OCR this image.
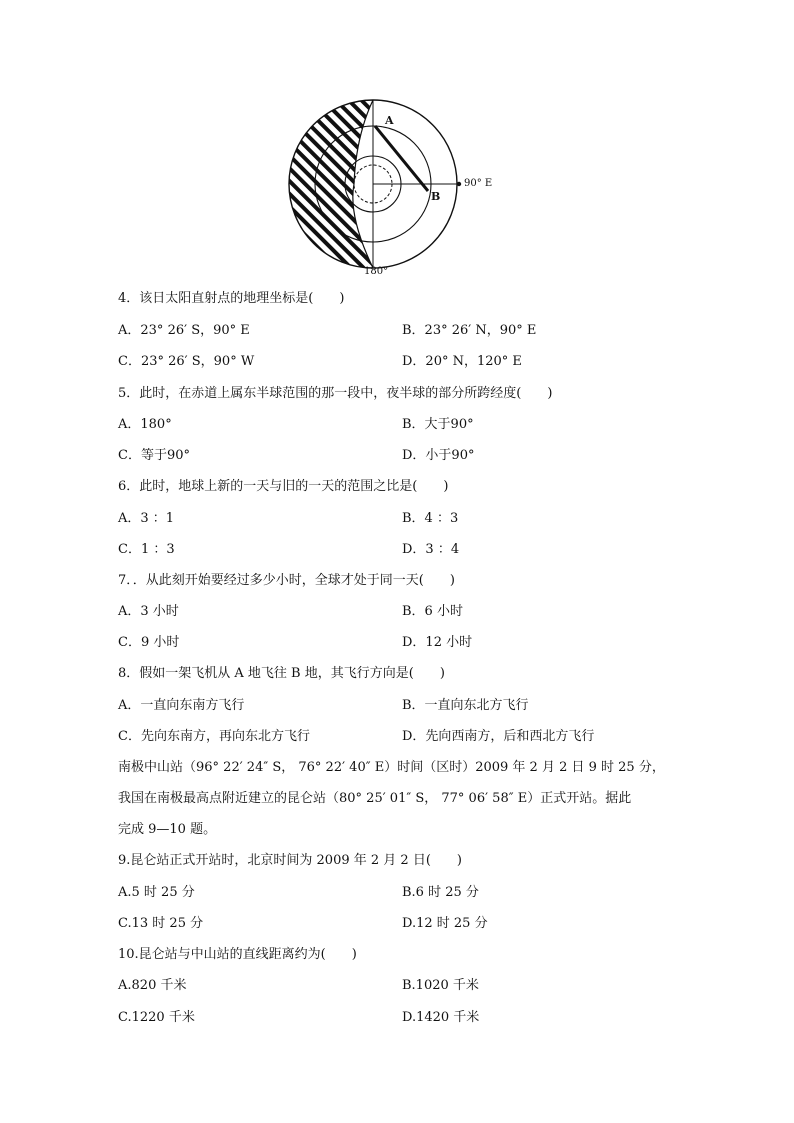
A
B
90° E
180°
4．该日太阳直射点的地理坐标是(　　)
A．23° 26′ S，90° E	B．23° 26′ N，90° E
C．23° 26′ S，90° W	D．20° N，120° E
5．此时，在赤道上属东半球范围的那一段中，夜半球的部分所跨经度(　　)
A．180°	B．大于90°
C．等于90°	D．小于90°
6．此时，地球上新的一天与旧的一天的范围之比是(　　)
A．3 ：1	B．4 ：3
C．1 ：3	D．3 ：4
7．．从此刻开始要经过多少小时，全球才处于同一天(　　)
A．3 小时	B．6 小时
C．9 小时	D．12 小时
8．假如一架飞机从 A 地飞往 B 地，其飞行方向是(　　)
A．一直向东南方飞行	B．一直向东北方飞行
C．先向东南方，再向东北方飞行	D．先向西南方，后和西北方飞行
南极中山站（96° 22′ 24″ S， 76° 22′ 40″ E）时间（区时）2009 年 2 月 2 日 9 时 25 分，
我国在南极最高点附近建立的昆仑站（80° 25′ 01″ S， 77° 06′ 58″ E）正式开站。据此
完成 9—10 题。
9.昆仑站正式开站时，北京时间为 2009 年 2 月 2 日(　　)
A.5 时 25 分	B.6 时 25 分
C.13 时 25 分	D.12 时 25 分
10.昆仑站与中山站的直线距离约为(　　)
A.820 千米	B.1020 千米
C.1220 千米	D.1420 千米
